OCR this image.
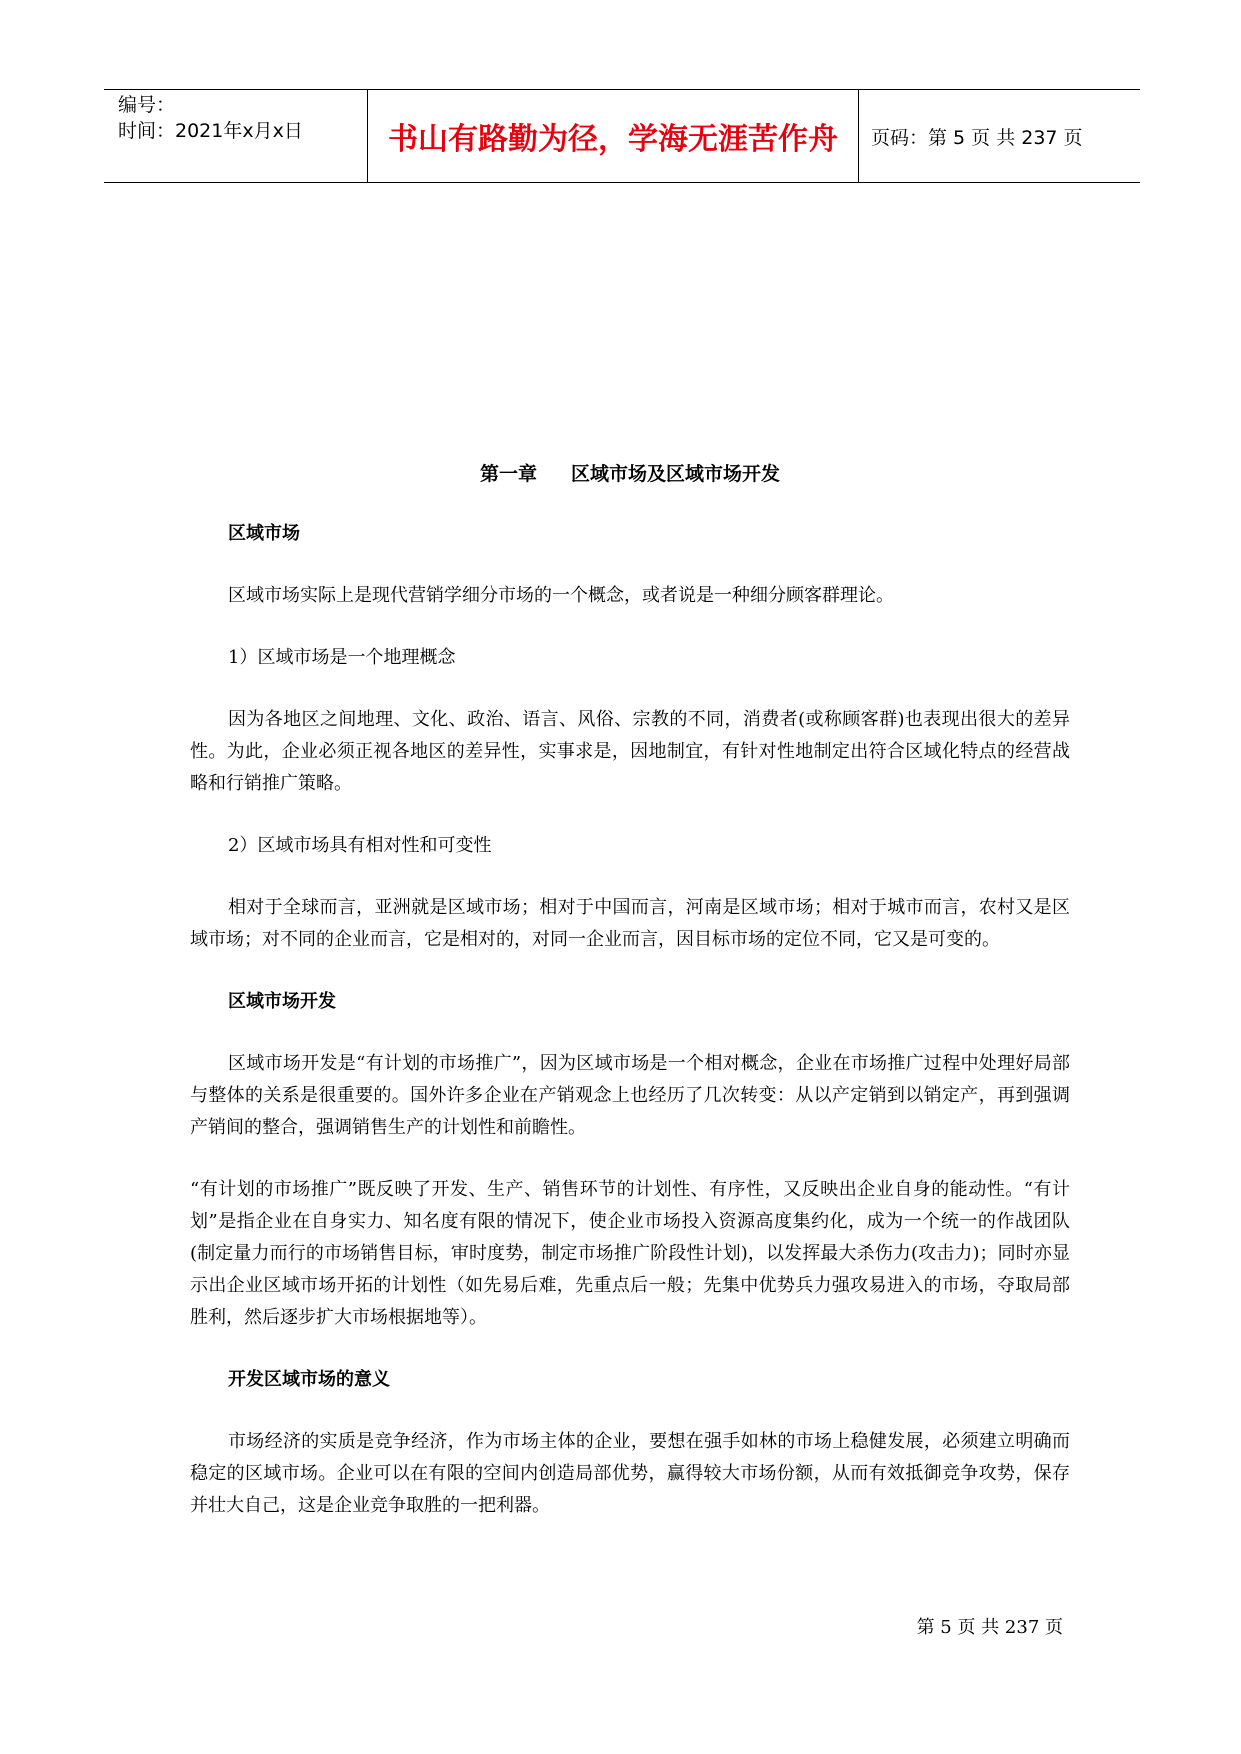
编号：
时间：2021年x月x日	书山有路勤为径，学海无涯苦作舟	页码：第 5 页 共 237 页
第一章 区域市场及区域市场开发
区域市场

区域市场实际上是现代营销学细分市场的一个概念，或者说是一种细分顾客群理论。

1）区域市场是一个地理概念

因为各地区之间地理、文化、政治、语言、风俗、宗教的不同，消费者(或称顾客群)也表现出很大的差异性。为此，企业必须正视各地区的差异性，实事求是，因地制宜，有针对性地制定出符合区域化特点的经营战略和行销推广策略。

2）区域市场具有相对性和可变性

相对于全球而言，亚洲就是区域市场；相对于中国而言，河南是区域市场；相对于城市而言，农村又是区域市场；对不同的企业而言，它是相对的，对同一企业而言，因目标市场的定位不同，它又是可变的。

区域市场开发

区域市场开发是“有计划的市场推广”，因为区域市场是一个相对概念，企业在市场推广过程中处理好局部与整体的关系是很重要的。国外许多企业在产销观念上也经历了几次转变：从以产定销到以销定产，再到强调产销间的整合，强调销售生产的计划性和前瞻性。

“有计划的市场推广”既反映了开发、生产、销售环节的计划性、有序性，又反映出企业自身的能动性。“有计划”是指企业在自身实力、知名度有限的情况下，使企业市场投入资源高度集约化，成为一个统一的作战团队(制定量力而行的市场销售目标，审时度势，制定市场推广阶段性计划)，以发挥最大杀伤力(攻击力)；同时亦显示出企业区域市场开拓的计划性（如先易后难，先重点后一般；先集中优势兵力强攻易进入的市场，夺取局部胜利，然后逐步扩大市场根据地等）。

开发区域市场的意义

市场经济的实质是竞争经济，作为市场主体的企业，要想在强手如林的市场上稳健发展，必须建立明确而稳定的区域市场。企业可以在有限的空间内创造局部优势，赢得较大市场份额，从而有效抵御竞争攻势，保存并壮大自己，这是企业竞争取胜的一把利器。

第 5 页 共 237 页
